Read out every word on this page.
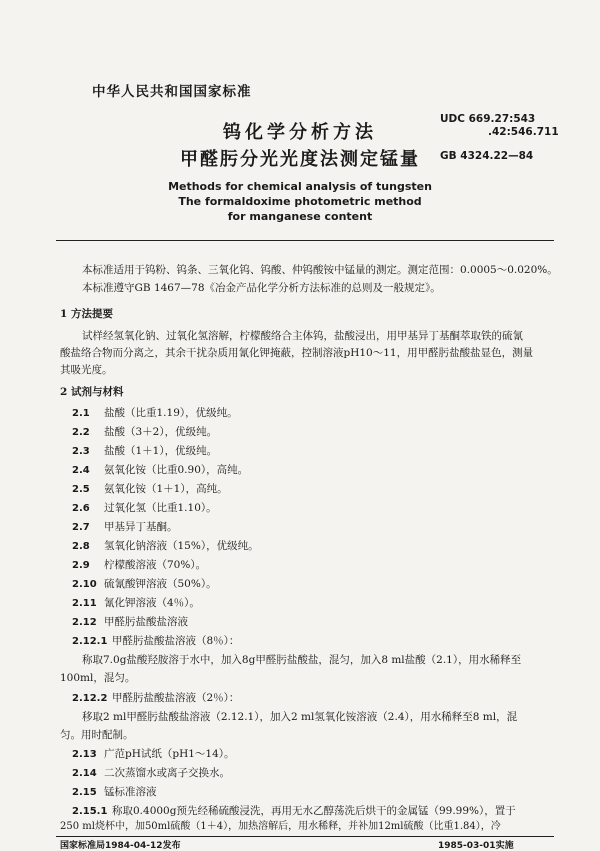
中华人民共和国国家标准
钨化学分析方法
甲醛肟分光光度法测定锰量
UDC 669.27:543
.42:546.711
GB 4324.22—84
Methods for chemical analysis of tungsten
The formaldoxime photometric method
for manganese content
本标准适用于钨粉、钨条、三氧化钨、钨酸、仲钨酸铵中锰量的测定。测定范围：0.0005～0.020%。
本标准遵守GB 1467—78《冶金产品化学分析方法标准的总则及一般规定》。
1 方法提要
试样经氢氧化钠、过氧化氢溶解，柠檬酸络合主体钨，盐酸浸出，用甲基异丁基酮萃取铁的硫氰
酸盐络合物而分离之，其余干扰杂质用氰化钾掩蔽，控制溶液pH10～11，用甲醛肟盐酸盐显色，测量
其吸光度。
2 试剂与材料
2.1 盐酸（比重1.19），优级纯。
2.2 盐酸（3＋2），优级纯。
2.3 盐酸（1＋1），优级纯。
2.4 氨氧化铵（比重0.90），高纯。
2.5 氨氧化铵（1＋1），高纯。
2.6 过氧化氢（比重1.10）。
2.7 甲基异丁基酮。
2.8 氢氧化钠溶液（15%），优级纯。
2.9 柠檬酸溶液（70%）。
2.10 硫氰酸钾溶液（50%）。
2.11 氰化钾溶液（4％）。
2.12 甲醛肟盐酸盐溶液
2.12.1 甲醛肟盐酸盐溶液（8％）：
称取7.0g盐酸羟胺溶于水中，加入8g甲醛肟盐酸盐，混匀，加入8 ml盐酸（2.1），用水稀释至
100ml，混匀。
2.12.2 甲醛肟盐酸盐溶液（2％）：
移取2 ml甲醛肟盐酸盐溶液（2.12.1），加入2 ml氢氧化铵溶液（2.4），用水稀释至8 ml，混
匀。用时配制。
2.13 广范pH试纸（pH1～14）。
2.14 二次蒸馏水或离子交换水。
2.15 锰标准溶液
2.15.1 称取0.4000g预先经稀硫酸浸洗，再用无水乙醇荡洗后烘干的金属锰（99.99%），置于
250 ml烧杯中，加50ml硫酸（1＋4），加热溶解后，用水稀释，并补加12ml硫酸（比重1.84），冷
国家标准局1984-04-12发布	1985-03-01实施
